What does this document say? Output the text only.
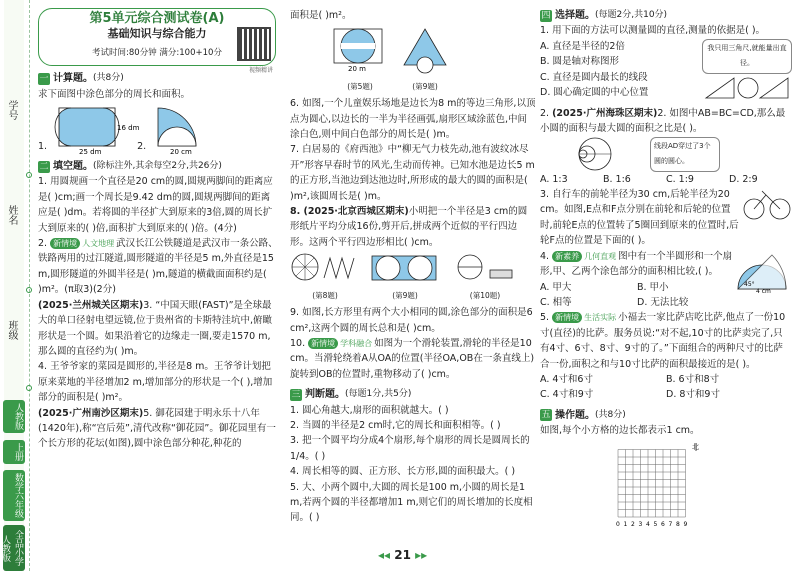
学号
姓名
班级
人教版
上册
数学六年级
全品小学人教版
第5单元综合测试卷(A)
基础知识与综合能力
考试时间:80分钟 满分:100+10分
视频精讲
一 计算题。 (共8分)
求下面图中涂色部分的周长和面积。
1.
25 dm
16 dm
2.
20 cm
二 填空题。 (除标注外,其余每空2分,共26分)
1. 用圆规画一个直径是20 cm的圆,圆规两脚间的距离应是( )cm;画一个周长是9.42 dm的圆,圆规两脚间的距离应是( )dm。若将圆的半径扩大到原来的3倍,圆的周长扩大到原来的( )倍,面积扩大到原来的( )倍。(4分)
2. 新情境 人文地理 武汉长江公铁隧道是武汉市一条公路、铁路两用的过江隧道,圆形隧道的半径是5 m,外直径是15 m,圆形隧道的外圆半径是( )m,隧道的横截面面积约是( )m²。(π取3)(2分)
(2025·兰州城关区期末)3. “中国天眼(FAST)”是全球最大的单口径射电望远镜,位于贵州省的卡斯特洼坑中,俯瞰形状是一个圆。如果沿着它的边缘走一圈,要走1570 m,那么圆的直径约为( )m。
4. 王爷爷家的菜园是圆形的,半径是8 m。王爷爷计划把原来菜地的半径增加2 m,增加部分的形状是一个( ),增加部分的面积是( )m²。
(2025·广州南沙区期末)5. 御花园建于明永乐十八年(1420年),称“宫后苑”,清代改称“御花园”。御花园里有一个长方形的花坛(如图),圆中涂色部分种花,种花的
面积是( )m²。
20 m
(第5题)	(第9题)
6. 如图,一个儿童娱乐场地是边长为8 m的等边三角形,以顶点为圆心,以边长的一半为半径画弧,扇形区域涂蓝色,中间涂白色,则中间白色部分的周长是( )m。
7. 白居易的《府西池》中“柳无气力枝先动,池有波纹冰尽开”形容早春时节的风光,生动而传神。已知水池是边长5 m的正方形,当池边到达池边时,所形成的最大的圆的面积是( )m²,该圆周长是( )m。
8. (2025·北京西城区期末)小明把一个半径是3 cm的圆形纸片平均分成16份,剪开后,拼成两个近似的平行四边形。这两个平行四边形相比( )cm。
(第8题)	(第9题)	(第10题)
9. 如图,长方形里有两个大小相同的圆,涂色部分的面积是6 cm²,这两个圆的周长总和是( )cm。
10. 新情境 学科融合 如图为一个滑轮装置,滑轮的半径是10 cm。当滑轮绕着A从OA的位置(半径OA,OB在一条直线上)旋转到OB的位置时,重物移动了( )cm。
三 判断题。 (每题1分,共5分)
1. 圆心角越大,扇形的面积就越大。( )
2. 当圆的半径是2 cm时,它的周长和面积相等。( )
3. 把一个圆平均分成4个扇形,每个扇形的周长是圆周长的 1/4。( )
4. 周长相等的圆、正方形、长方形,圆的面积最大。( )
5. 大、小两个圆中,大圆的周长是100 m,小圆的周长是1 m,若两个圆的半径都增加1 m,则它们的周长增加的长度相同。( )
四 选择题。 (每题2分,共10分)
1. 用下面的方法可以测量圆的直径,测量的依据是( )。
A. 直径是半径的2倍
B. 圆是轴对称图形
C. 直径是圆内最长的线段
D. 圆心确定圆的中心位置
我只用三角尺,就能量出直径。
2. (2025·广州海珠区期末)2. 如图中AB=BC=CD,那么最小圆的面积与最大圆的面积之比是( )。
线段AD穿过了3个圆的圆心。
A. 1:3	B. 1:6	C. 1:9	D. 2:9
3. 自行车的前轮半径为30 cm,后轮半径为20 cm。如图,E点和F点分别在前轮和后轮的位置时,前轮E点的位置转了5圈回到原来的位置时,后轮F点的位置是下面的( )。
4. 新素养 几何直观 图中有一个半圆形和一个扇形,甲、乙两个涂色部分的面积相比较,( )。
A. 甲大	B. 甲小
C. 相等	D. 无法比较
45°
4 cm
5. 新情境 生活实际 小福去一家比萨店吃比萨,他点了一份10寸(直径)的比萨。服务员说:“对不起,10寸的比萨卖完了,只有4寸、6寸、8寸、9寸的了。”下面组合的两种尺寸的比萨合一份,面积之和与10寸比萨的面积最接近的是( )。
A. 4寸和6寸	B. 6寸和8寸
C. 4寸和9寸	D. 8寸和9寸
五 操作题。 (共8分)
如图,每个小方格的边长都表示1 cm。
北
0 1 2 3 4 5 6 7 8 9
◂◂ 21 ▸▸
